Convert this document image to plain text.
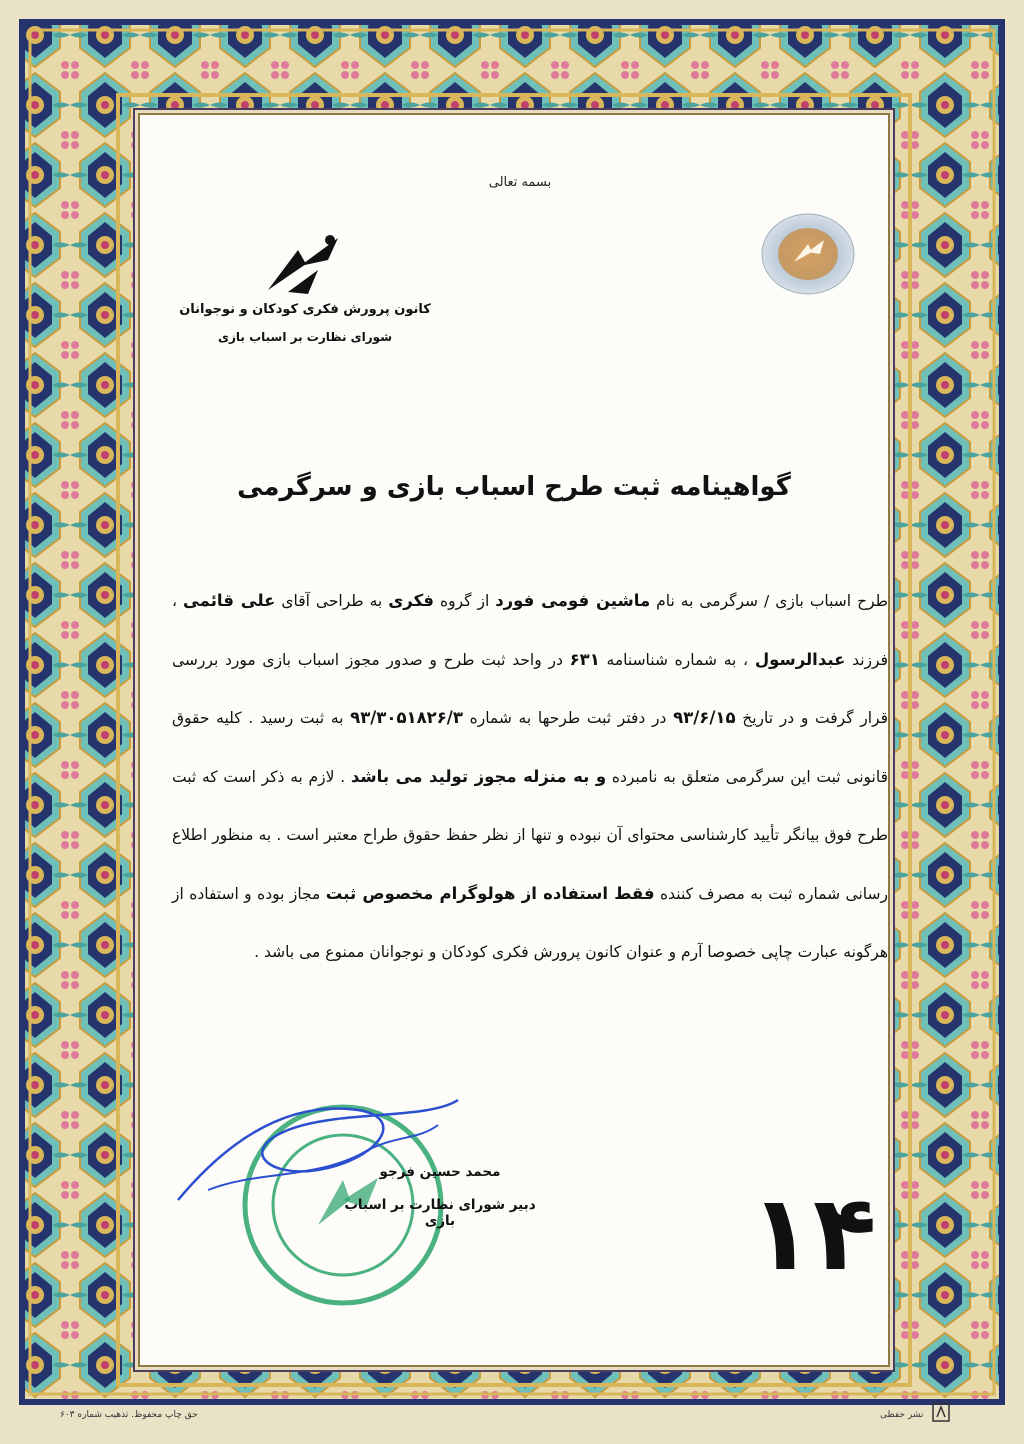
بسمه تعالی
کانون پرورش فکری کودکان و نوجوانان
شورای نظارت بر اسباب بازی
گواهینامه ثبت طرح اسباب بازی و سرگرمی
طرح اسباب بازی / سرگرمی به نام ماشین فومی فورد از گروه فکری به طراحی آقای علی قائمی ، فرزند عبدالرسول ، به شماره شناسنامه ۶۳۱ در واحد ثبت طرح و صدور مجوز اسباب بازی مورد بررسی قرار گرفت و در تاریخ ۹۳/۶/۱۵ در دفتر ثبت طرحها به شماره ۹۳/۳۰۵۱۸۲۶/۳ به ثبت رسید . کلیه حقوق قانونی ثبت این سرگرمی متعلق به نامبرده و به منزله مجوز تولید می باشد . لازم به ذکر است که ثبت طرح فوق بیانگر تأیید کارشناسی محتوای آن نبوده و تنها از نظر حفظ حقوق طراح معتبر است . به منظور اطلاع رسانی شماره ثبت به مصرف کننده فقط استفاده از هولوگرام مخصوص ثبت مجاز بوده و استفاده از هرگونه عبارت چاپی خصوصا آرم و عنوان کانون پرورش فکری کودکان و نوجوانان ممنوع می باشد .
محمد حسین فرجو
دبیر شورای نظارت بر اسباب بازی	۱۴
حق چاپ محفوظ. تذهیب شماره ۶۰۳	نشر حفظی
